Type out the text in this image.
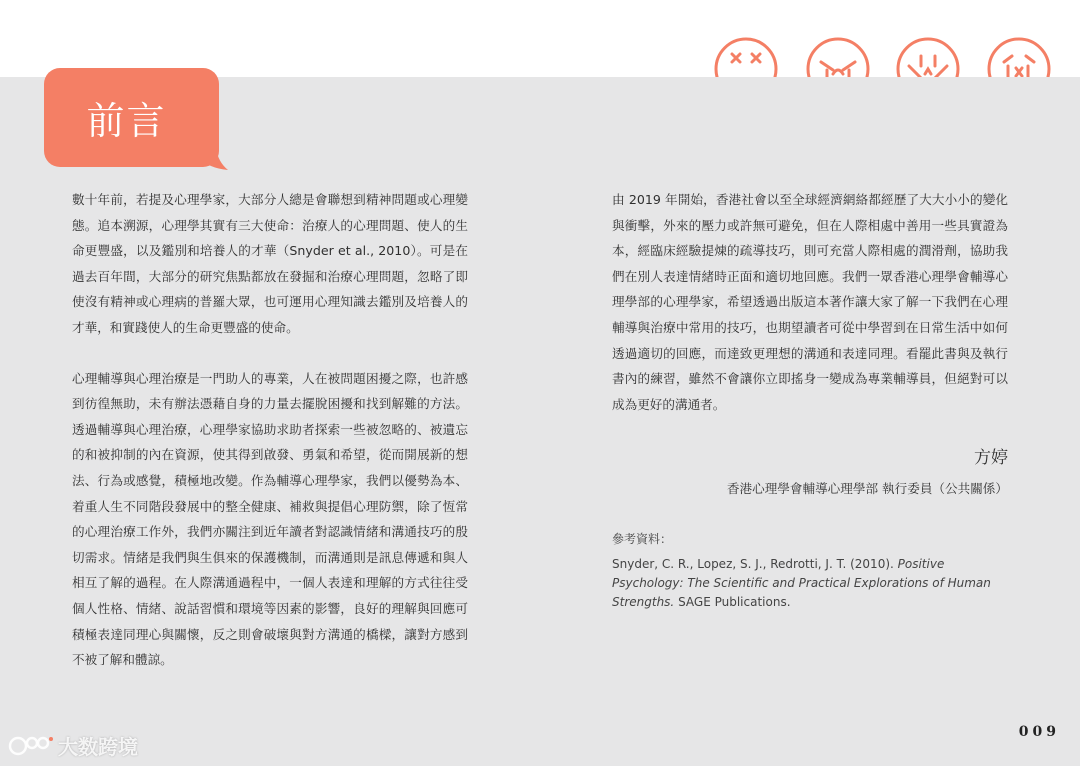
前言

數十年前，若提及心理學家，大部分人總是會聯想到精神問題或心理變態。追本溯源，心理學其實有三大使命：治療人的心理問題、使人的生命更豐盛，以及鑑別和培養人的才華（Snyder et al., 2010）。可是在過去百年間，大部分的研究焦點都放在發掘和治療心理問題，忽略了即使沒有精神或心理病的普羅大眾，也可運用心理知識去鑑別及培養人的才華，和實踐使人的生命更豐盛的使命。

心理輔導與心理治療是一門助人的專業，人在被問題困擾之際，也許感到彷徨無助，未有辦法憑藉自身的力量去擺脫困擾和找到解難的方法。透過輔導與心理治療，心理學家協助求助者探索一些被忽略的、被遺忘的和被抑制的內在資源，使其得到啟發、勇氣和希望，從而開展新的想法、行為或感覺，積極地改變。作為輔導心理學家，我們以優勢為本、着重人生不同階段發展中的整全健康、補救與提倡心理防禦，除了恆常的心理治療工作外，我們亦關注到近年讀者對認識情緒和溝通技巧的殷切需求。情緒是我們與生俱來的保護機制，而溝通則是訊息傳遞和與人相互了解的過程。在人際溝通過程中，一個人表達和理解的方式往往受個人性格、情緒、說話習慣和環境等因素的影響，良好的理解與回應可積極表達同理心與關懷，反之則會破壞與對方溝通的橋樑，讓對方感到不被了解和體諒。

由 2019 年開始，香港社會以至全球經濟網絡都經歷了大大小小的變化與衝擊，外來的壓力或許無可避免，但在人際相處中善用一些具實證為本，經臨床經驗提煉的疏導技巧，則可充當人際相處的潤滑劑，協助我們在別人表達情緒時正面和適切地回應。我們一眾香港心理學會輔導心理學部的心理學家，希望透過出版這本著作讓大家了解一下我們在心理輔導與治療中常用的技巧，也期望讀者可從中學習到在日常生活中如何透過適切的回應，而達致更理想的溝通和表達同理。看罷此書與及執行書內的練習，雖然不會讓你立即搖身一變成為專業輔導員，但絕對可以成為更好的溝通者。

方婷
香港心理學會輔導心理學部 執行委員（公共關係）
參考資料：
Snyder, C. R., Lopez, S. J., Redrotti, J. T. (2010). Positive Psychology: The Scientific and Practical Explorations of Human Strengths. SAGE Publications.
009
大数跨境
